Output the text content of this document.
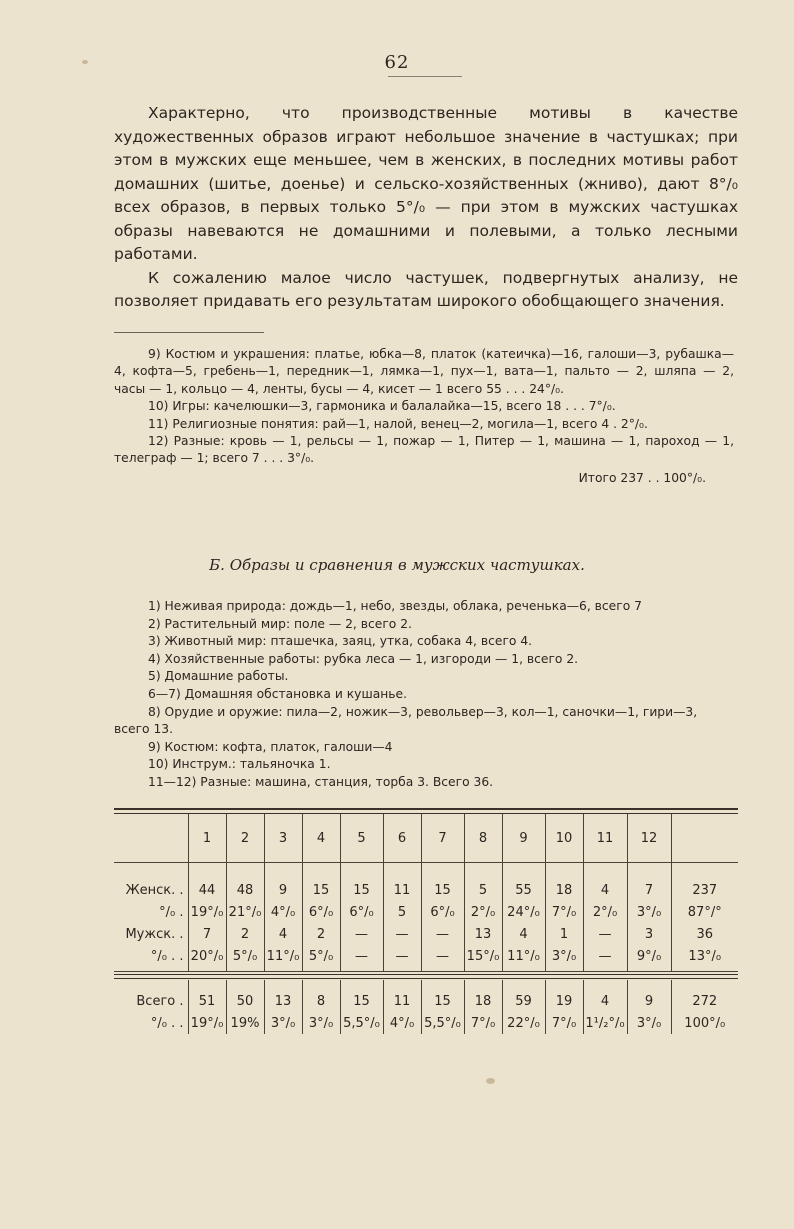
62

Характерно, что производственные мотивы в качестве художественных образов играют небольшое значение в частушках; при этом в мужских еще меньшее, чем в женских, в последних мотивы работ домашних (шитье, доенье) и сельско-хозяйственных (жниво), дают 8°/₀ всех образов, в первых только 5°/₀ — при этом в мужских частушках образы навеваются не домашними и полевыми, а только лесными работами.

К сожалению малое число частушек, подвергнутых анализу, не позволяет придавать его результатам широкого обобщающего значения.

9) Костюм и украшения: платье, юбка—8, платок (катеичка)—16, галоши—3, рубашка—4, кофта—5, гребень—1, передник—1, лямка—1, пух—1, вата—1, пальто — 2, шляпа — 2, часы — 1, кольцо — 4, ленты, бусы — 4, кисет — 1 всего 55 . . . 24°/₀.

10) Игры: качелюшки—3, гармоника и балалайка—15, всего 18 . . . 7°/₀.

11) Религиозные понятия: рай—1, налой, венец—2, могила—1, всего 4 . 2°/₀.

12) Разные: кровь — 1, рельсы — 1, пожар — 1, Питер — 1, машина — 1, пароход — 1, телеграф — 1; всего 7 . . . 3°/₀.

Итого 237 . . 100°/₀.

Б. Образы и сравнения в мужских частушках.

1) Неживая природа: дождь—1, небо, звезды, облака, реченька—6, всего 7

2) Растительный мир: поле — 2, всего 2.

3) Животный мир: пташечка, заяц, утка, собака 4, всего 4.

4) Хозяйственные работы: рубка леса — 1, изгороди — 1, всего 2.

5) Домашние работы.

6—7) Домашняя обстановка и кушанье.

8) Орудие и оружие: пила—2, ножик—3, револьвер—3, кол—1, саночки—1, гири—3, всего 13.

9) Костюм: кофта, платок, галоши—4

10) Инструм.: тальяночка 1.

11—12) Разные: машина, станция, торба 3. Всего 36.

	1	2	3	4	5	6	7	8	9	10	11	12	

Женск. .	44	48	9	15	15	11	15	5	55	18	4	7	237
°/₀ .	19°/₀	21°/₀	4°/₀	6°/₀	6°/₀	5	6°/₀	2°/₀	24°/₀	7°/₀	2°/₀	3°/₀	87°/°
Мужск. .	7	2	4	2	—	—	—	13	4	1	—	3	36
°/₀ . .	20°/₀	5°/₀	11°/₀	5°/₀	—	—	—	15°/₀	11°/₀	3°/₀	—	9°/₀	13°/₀

Всего .	51	50	13	8	15	11	15	18	59	19	4	9	272
°/₀ . .	19°/₀	19%	3°/₀	3°/₀	5,5°/₀	4°/₀	5,5°/₀	7°/₀	22°/₀	7°/₀	1¹/₂°/₀	3°/₀	100°/₀
